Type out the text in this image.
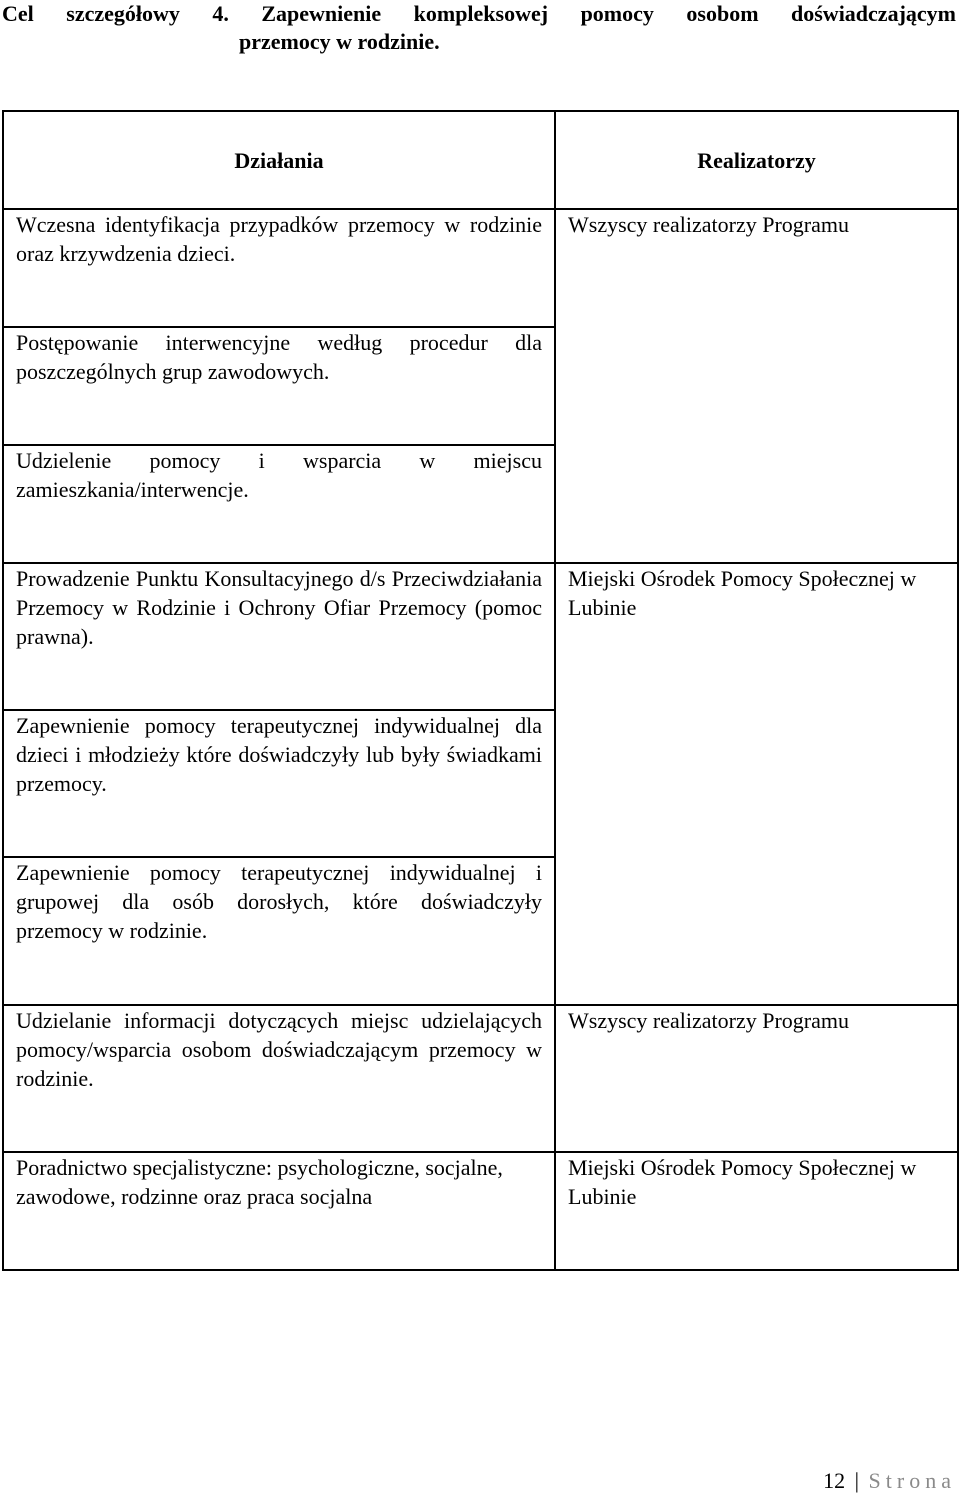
Cel szczegółowy 4. Zapewnienie kompleksowej pomocy osobom doświadczającym
przemocy w rodzinie.
Działania	Realizatorzy
Wczesna identyfikacja przypadków przemocy w rodzinie oraz krzywdzenia dzieci.	Wszyscy realizatorzy Programu
Postępowanie interwencyjne według procedur dla poszczególnych grup zawodowych.	
Udzielenie pomocy i wsparcia w miejscu zamieszkania/interwencje.	
Prowadzenie Punktu Konsultacyjnego d/s Przeciwdziałania Przemocy w Rodzinie i Ochrony Ofiar Przemocy (pomoc prawna).	Miejski Ośrodek Pomocy Społecznej w Lubinie
Zapewnienie pomocy terapeutycznej indywidualnej dla dzieci i młodzieży które doświadczyły lub były świadkami przemocy.	
Zapewnienie pomocy terapeutycznej indywidualnej i grupowej dla osób dorosłych, które doświadczyły przemocy w rodzinie.	
Udzielanie informacji dotyczących miejsc udzielających pomocy/wsparcia osobom doświadczającym przemocy w rodzinie.	Wszyscy realizatorzy Programu
Poradnictwo specjalistyczne: psychologiczne, socjalne, zawodowe, rodzinne oraz praca socjalna	Miejski Ośrodek Pomocy Społecznej w Lubinie
12 | Strona
